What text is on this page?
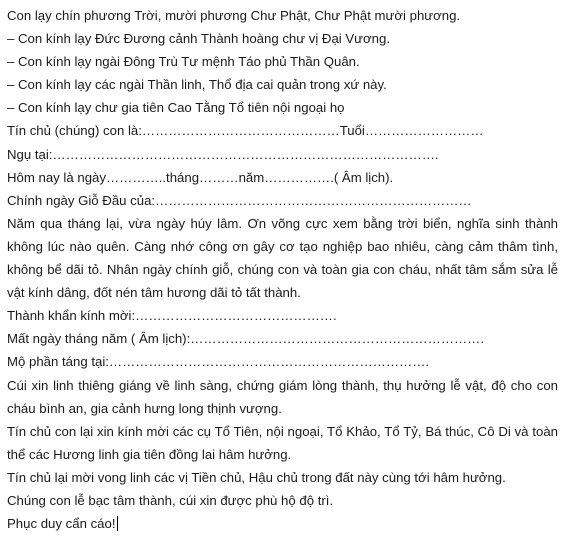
Con lạy chín phương Trời, mười phương Chư Phật, Chư Phật mười phương.
– Con kính lạy Đức Đương cảnh Thành hoàng chư vị Đại Vương.
– Con kính lạy ngài Đông Trù Tư mệnh Táo phủ Thần Quân.
– Con kính lạy các ngài Thần linh, Thổ địa cai quản trong xứ này.
– Con kính lạy chư gia tiên Cao Tằng Tổ tiên nội ngoại họ
Tín chủ (chúng) con là:………………………………………Tuổi………………………
Ngụ tại:…………………………………………………………………………….
Hôm nay là ngày…………..tháng………năm…………….( Âm lịch).
Chính ngày Giỗ Đầu của:………………………………………………………………
Năm qua tháng lại, vừa ngày húy lâm. Ơn võng cực xem bằng trời biển, nghĩa sinh thành không lúc nào quên. Càng nhớ công ơn gây cơ tạo nghiệp bao nhiêu, càng cảm thâm tình, không bể dãi tỏ. Nhân ngày chính giỗ, chúng con và toàn gia con cháu, nhất tâm sắm sửa lễ vật kính dâng, đốt nén tâm hương dãi tỏ tất thành.
Thành khẩn kính mời:……………………………………….
Mất ngày tháng năm ( Âm lịch):………………………………………………………….
Mộ phần táng tại:……………………………………………………………….
Cúi xin linh thiêng giáng về linh sàng, chứng giám lòng thành, thụ hưởng lễ vật, độ cho con cháu bình an, gia cảnh hưng long thịnh vượng.
Tín chủ con lại xin kính mời các cụ Tổ Tiên, nội ngoại, Tổ Khảo, Tổ Tỷ, Bá thúc, Cô Di và toàn thể các Hương linh gia tiên đồng lai hâm hưởng.
Tín chủ lại mời vong linh các vị Tiền chủ, Hậu chủ trong đất này cùng tới hâm hưởng.
Chúng con lễ bạc tâm thành, cúi xin được phù hộ độ trì.
Phục duy cẩn cáo!
